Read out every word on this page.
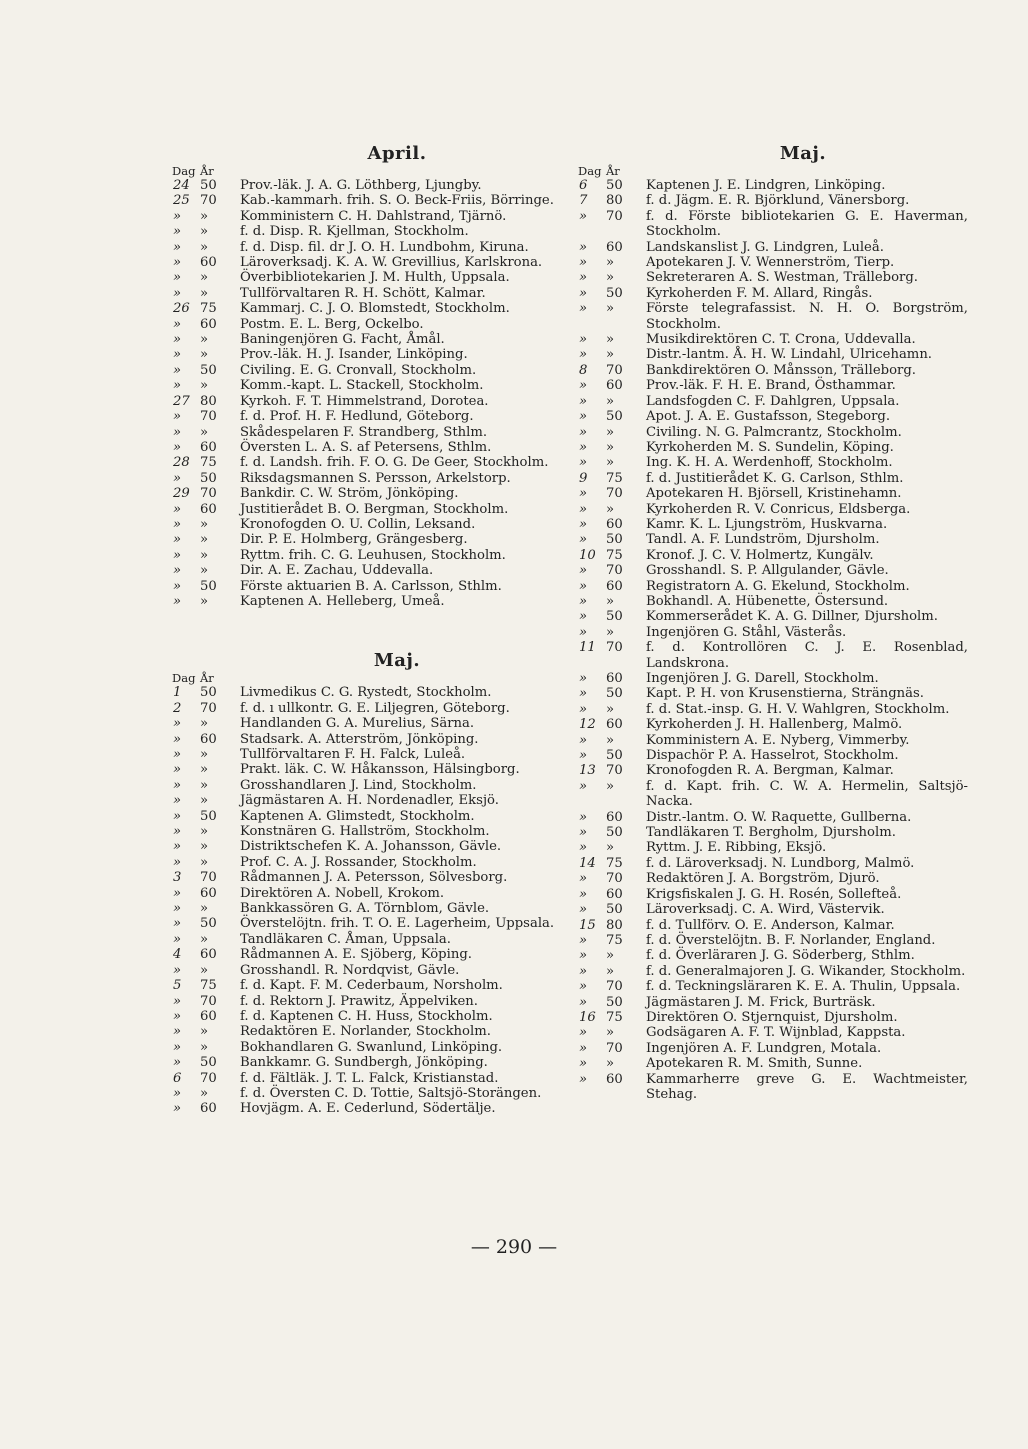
April.
Dag År
24 50	Prov.-läk. J. A. G. Löthberg, Ljungby.
25 70	Kab.-kammarh. frih. S. O. Beck-Friis, Börringe.
»	»	Komministern C. H. Dahlstrand, Tjärnö.
»	»	f. d. Disp. R. Kjellman, Stockholm.
»	»	f. d. Disp. fil. dr J. O. H. Lundbohm, Kiruna.
»	60	Läroverksadj. K. A. W. Grevillius, Karlskrona.
»	»	Överbibliotekarien J. M. Hulth, Uppsala.
»	»	Tullförvaltaren R. H. Schött, Kalmar.
26 75	Kammarj. C. J. O. Blomstedt, Stockholm.
»	60	Postm. E. L. Berg, Ockelbo.
»	»	Baningenjören G. Facht, Åmål.
»	»	Prov.-läk. H. J. Isander, Linköping.
»	50	Civiling. E. G. Cronvall, Stockholm.
»	»	Komm.-kapt. L. Stackell, Stockholm.
27 80	Kyrkoh. F. T. Himmelstrand, Dorotea.
»	70	f. d. Prof. H. F. Hedlund, Göteborg.
»	»	Skådespelaren F. Strandberg, Sthlm.
»	60	Översten L. A. S. af Petersens, Sthlm.
28 75	f. d. Landsh. frih. F. O. G. De Geer, Stockholm.
»	50	Riksdagsmannen S. Persson, Arkelstorp.
29 70	Bankdir. C. W. Ström, Jönköping.
»	60	Justitierådet B. O. Bergman, Stockholm.
»	»	Kronofogden O. U. Collin, Leksand.
»	»	Dir. P. E. Holmberg, Grängesberg.
»	»	Ryttm. frih. C. G. Leuhusen, Stockholm.
»	»	Dir. A. E. Zachau, Uddevalla.
»	50	Förste aktuarien B. A. Carlsson, Sthlm.
»	»	Kaptenen A. Helleberg, Umeå.
Maj.
Dag År
1	50	Livmedikus C. G. Rystedt, Stockholm.
2	70	f. d. ı ullkontr. G. E. Liljegren, Göteborg.
»	»	Handlanden G. A. Murelius, Särna.
»	60	Stadsark. A. Atterström, Jönköping.
»	»	Tullförvaltaren F. H. Falck, Luleå.
»	»	Prakt. läk. C. W. Håkansson, Hälsingborg.
»	»	Grosshandlaren J. Lind, Stockholm.
»	»	Jägmästaren A. H. Nordenadler, Eksjö.
»	50	Kaptenen A. Glimstedt, Stockholm.
»	»	Konstnären G. Hallström, Stockholm.
»	»	Distriktschefen K. A. Johansson, Gävle.
»	»	Prof. C. A. J. Rossander, Stockholm.
3	70	Rådmannen J. A. Petersson, Sölvesborg.
»	60	Direktören A. Nobell, Krokom.
»	»	Bankkassören G. A. Törnblom, Gävle.
»	50	Överstelöjtn. frih. T. O. E. Lagerheim, Uppsala.
»	»	Tandläkaren C. Åman, Uppsala.
4	60	Rådmannen A. E. Sjöberg, Köping.
»	»	Grosshandl. R. Nordqvist, Gävle.
5	75	f. d. Kapt. F. M. Cederbaum, Norsholm.
»	70	f. d. Rektorn J. Prawitz, Äppelviken.
»	60	f. d. Kaptenen C. H. Huss, Stockholm.
»	»	Redaktören E. Norlander, Stockholm.
»	»	Bokhandlaren G. Swanlund, Linköping.
»	50	Bankkamr. G. Sundbergh, Jönköping.
6	70	f. d. Fältläk. J. T. L. Falck, Kristianstad.
»	»	f. d. Översten C. D. Tottie, Saltsjö-Storängen.
»	60	Hovjägm. A. E. Cederlund, Södertälje.
Maj.
Dag År
6	50	Kaptenen J. E. Lindgren, Linköping.
7	80	f. d. Jägm. E. R. Björklund, Vänersborg.
»	70	f. d. Förste bibliotekarien G. E. Haverman, Stockholm.
»	60	Landskanslist J. G. Lindgren, Luleå.
»	»	Apotekaren J. V. Wennerström, Tierp.
»	»	Sekreteraren A. S. Westman, Trälleborg.
»	50	Kyrkoherden F. M. Allard, Ringås.
»	»	Förste telegrafassist. N. H. O. Borgström, Stockholm.
»	»	Musikdirektören C. T. Crona, Uddevalla.
»	»	Distr.-lantm. Å. H. W. Lindahl, Ulricehamn.
8	70	Bankdirektören O. Månsson, Trälleborg.
»	60	Prov.-läk. F. H. E. Brand, Östhammar.
»	»	Landsfogden C. F. Dahlgren, Uppsala.
»	50	Apot. J. A. E. Gustafsson, Stegeborg.
»	»	Civiling. N. G. Palmcrantz, Stockholm.
»	»	Kyrkoherden M. S. Sundelin, Köping.
»	»	Ing. K. H. A. Werdenhoff, Stockholm.
9	75	f. d. Justitierådet K. G. Carlson, Sthlm.
»	70	Apotekaren H. Björsell, Kristinehamn.
»	»	Kyrkoherden R. V. Conricus, Eldsberga.
»	60	Kamr. K. L. Ljungström, Huskvarna.
»	50	Tandl. A. F. Lundström, Djursholm.
10 75	Kronof. J. C. V. Holmertz, Kungälv.
»	70	Grosshandl. S. P. Allgulander, Gävle.
»	60	Registratorn A. G. Ekelund, Stockholm.
»	»	Bokhandl. A. Hübenette, Östersund.
»	50	Kommerserådet K. A. G. Dillner, Djursholm.
»	»	Ingenjören G. Ståhl, Västerås.
11 70	f. d. Kontrollören C. J. E. Rosenblad, Landskrona.
»	60	Ingenjören J. G. Darell, Stockholm.
»	50	Kapt. P. H. von Krusenstierna, Strängnäs.
»	»	f. d. Stat.-insp. G. H. V. Wahlgren, Stockholm.
12 60	Kyrkoherden J. H. Hallenberg, Malmö.
»	»	Komministern A. E. Nyberg, Vimmerby.
»	50	Dispachör P. A. Hasselrot, Stockholm.
13 70	Kronofogden R. A. Bergman, Kalmar.
»	»	f. d. Kapt. frih. C. W. A. Hermelin, Saltsjö-Nacka.
»	60	Distr.-lantm. O. W. Raquette, Gullberna.
»	50	Tandläkaren T. Bergholm, Djursholm.
»	»	Ryttm. J. E. Ribbing, Eksjö.
14 75	f. d. Läroverksadj. N. Lundborg, Malmö.
»	70	Redaktören J. A. Borgström, Djurö.
»	60	Krigsfiskalen J. G. H. Rosén, Sollefteå.
»	50	Läroverksadj. C. A. Wird, Västervik.
15 80	f. d. Tullförv. O. E. Anderson, Kalmar.
»	75	f. d. Överstelöjtn. B. F. Norlander, England.
»	»	f. d. Överläraren J. G. Söderberg, Sthlm.
»	»	f. d. Generalmajoren J. G. Wikander, Stockholm.
»	70	f. d. Teckningsläraren K. E. A. Thulin, Uppsala.
»	50	Jägmästaren J. M. Frick, Burträsk.
16 75	Direktören O. Stjernquist, Djursholm.
»	»	Godsägaren A. F. T. Wijnblad, Kappsta.
»	70	Ingenjören A. F. Lundgren, Motala.
»	»	Apotekaren R. M. Smith, Sunne.
»	60	Kammarherre greve G. E. Wachtmeister, Stehag.
— 290 —
